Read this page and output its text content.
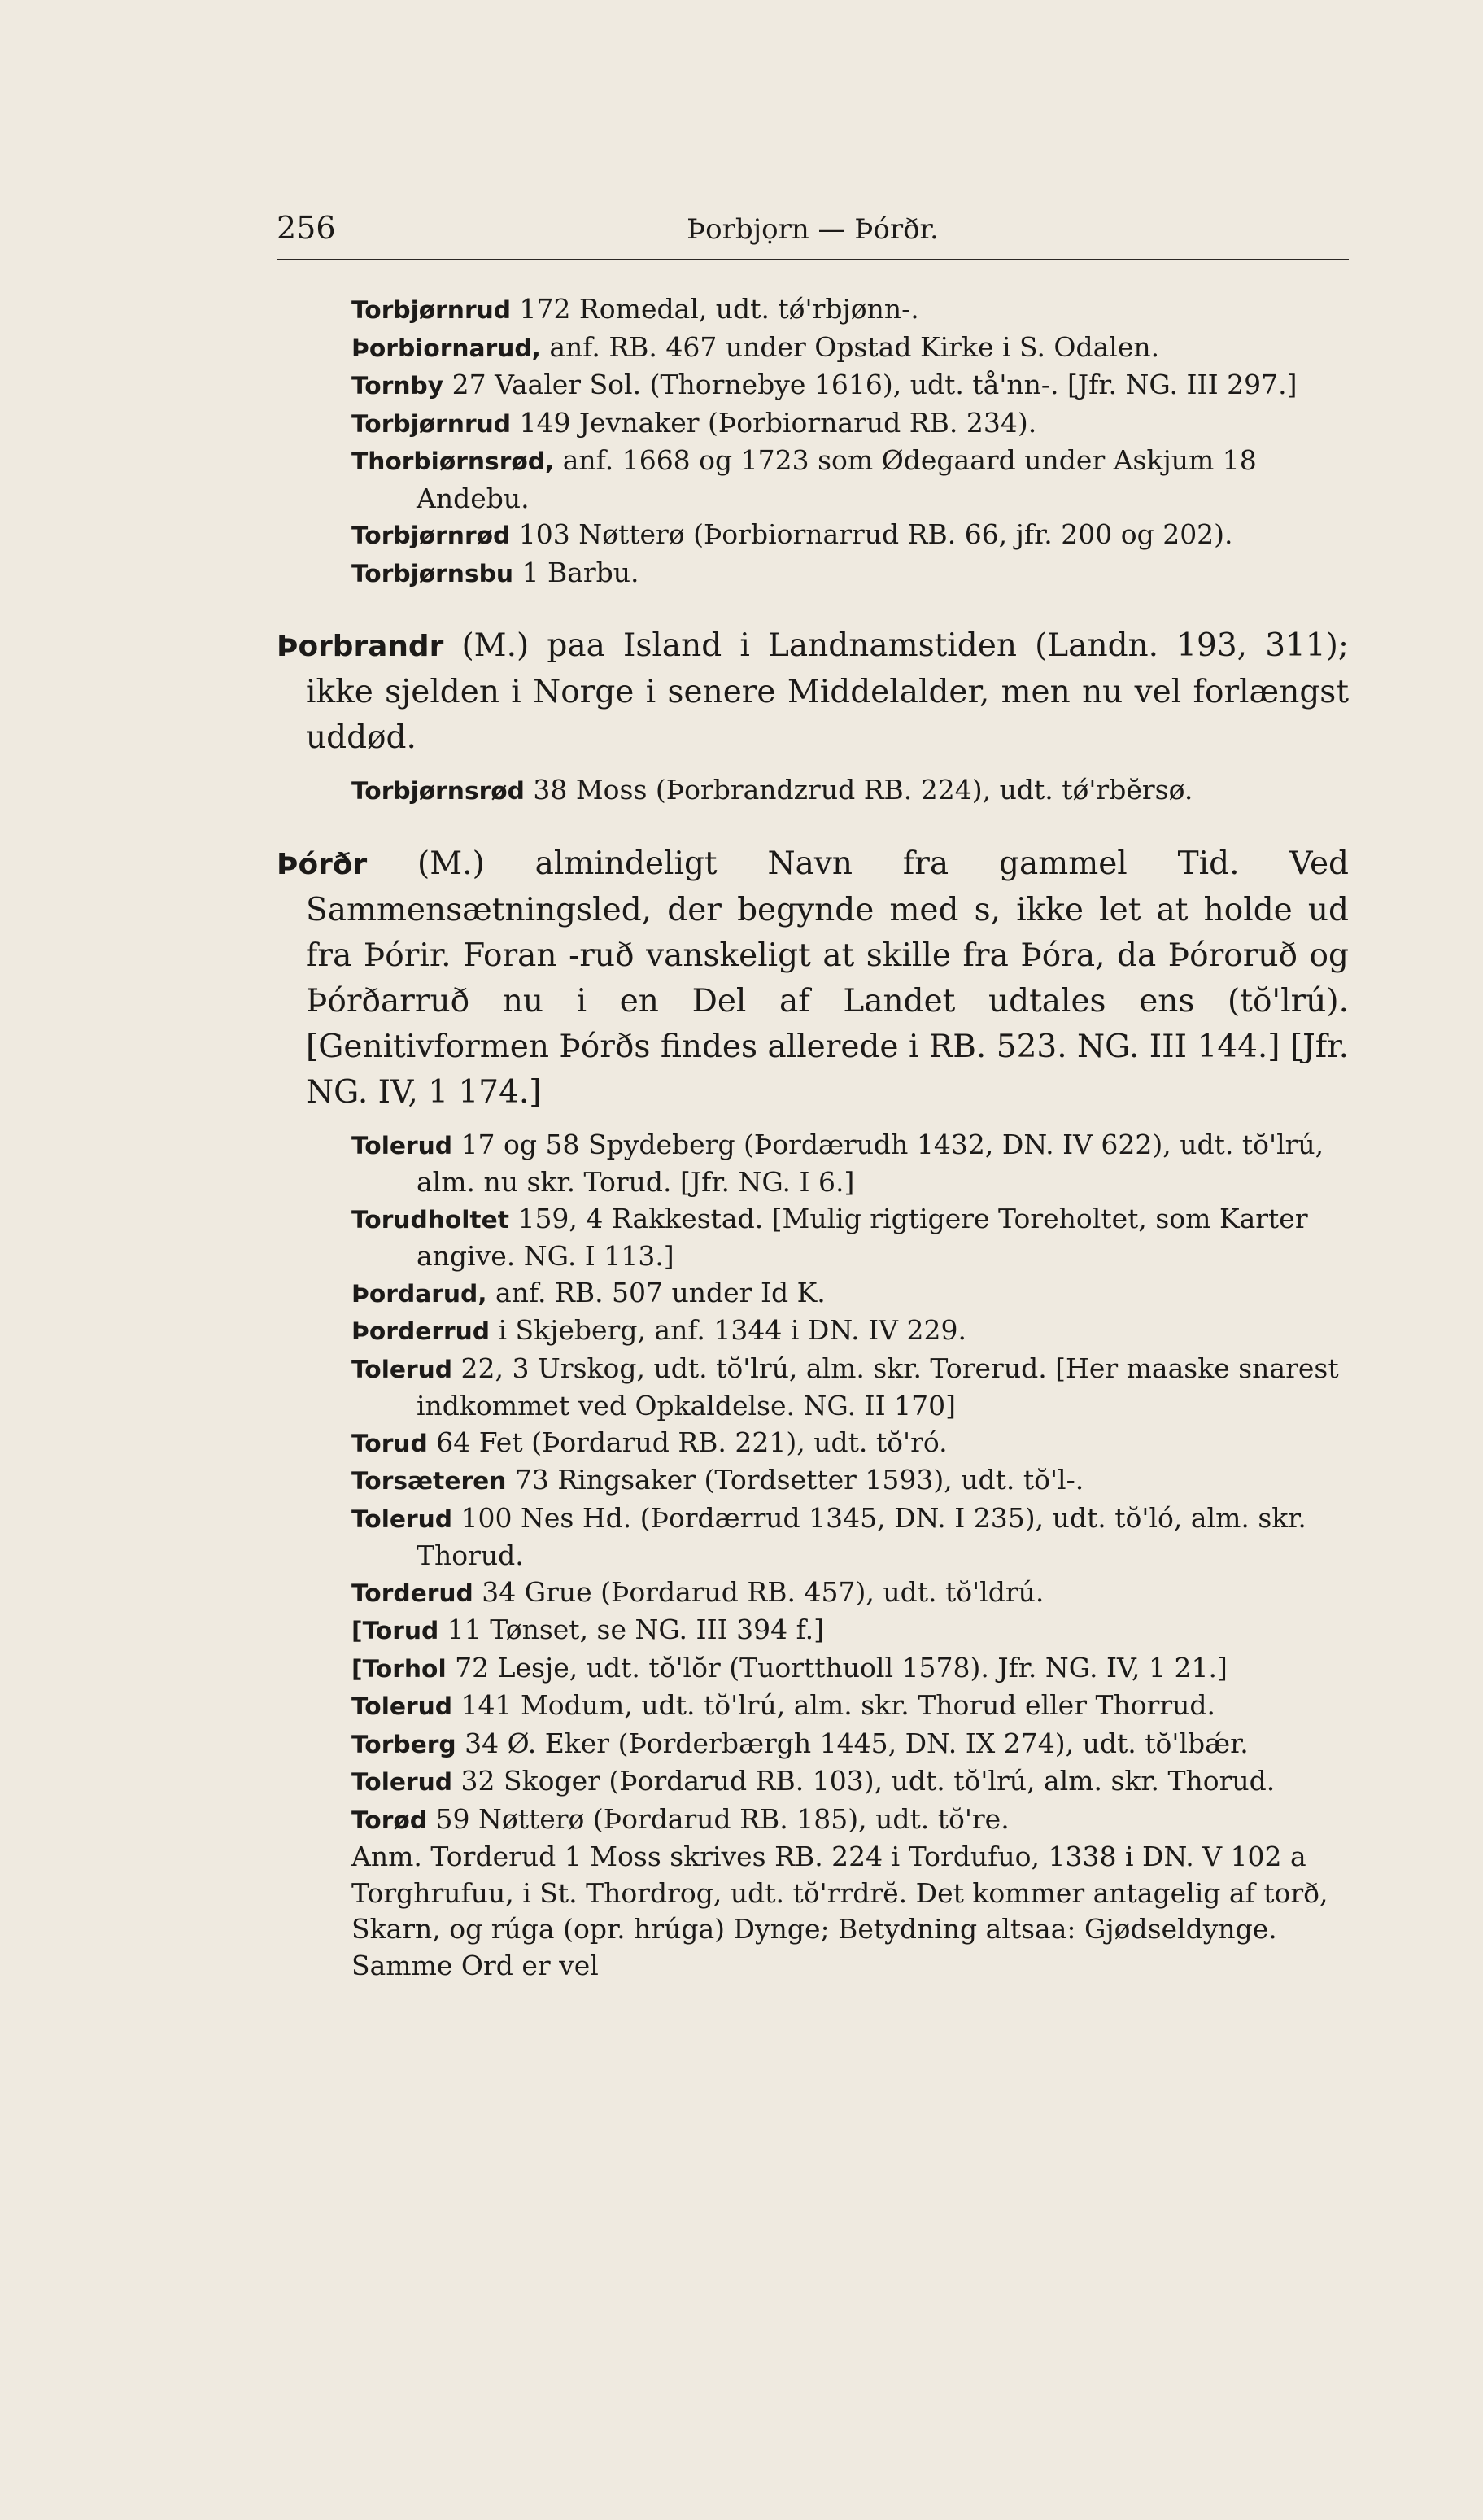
256	Þorbjọrn — Þórðr.

Torbjørnrud 172 Romedal, udt. tǿ'rbjønn-.

Þorbiornarud, anf. RB. 467 under Opstad Kirke i S. Odalen.

Tornby 27 Vaaler Sol. (Thornebye 1616), udt. tå'nn-. [Jfr. NG. III 297.]

Torbjørnrud 149 Jevnaker (Þorbiornarud RB. 234).

Thorbiørnsrød, anf. 1668 og 1723 som Ødegaard under Askjum 18 Andebu.

Torbjørnrød 103 Nøtterø (Þorbiornarrud RB. 66, jfr. 200 og 202).

Torbjørnsbu 1 Barbu.

Þorbrandr (M.) paa Island i Landnamstiden (Landn. 193, 311); ikke sjelden i Norge i senere Middelalder, men nu vel forlængst uddød.

Torbjørnsrød 38 Moss (Þorbrandzrud RB. 224), udt. tǿ'rbĕrsø.

Þórðr (M.) almindeligt Navn fra gammel Tid. Ved Sammensætningsled, der begynde med s, ikke let at holde ud fra Þórir. Foran -ruð vanskeligt at skille fra Þóra, da Þóroruð og Þórðarruð nu i en Del af Landet udtales ens (tŏ'lrú). [Genitivformen Þórðs findes allerede i RB. 523. NG. III 144.] [Jfr. NG. IV, 1 174.]

Tolerud 17 og 58 Spydeberg (Þordærudh 1432, DN. IV 622), udt. tŏ'lrú, alm. nu skr. Torud. [Jfr. NG. I 6.]

Torudholtet 159, 4 Rakkestad. [Mulig rigtigere Toreholtet, som Karter angive. NG. I 113.]

Þordarud, anf. RB. 507 under Id K.

Þorderrud i Skjeberg, anf. 1344 i DN. IV 229.

Tolerud 22, 3 Urskog, udt. tŏ'lrú, alm. skr. Torerud. [Her maaske snarest indkommet ved Opkaldelse. NG. II 170]

Torud 64 Fet (Þordarud RB. 221), udt. tŏ'ró.

Torsæteren 73 Ringsaker (Tordsetter 1593), udt. tŏ'l-.

Tolerud 100 Nes Hd. (Þordærrud 1345, DN. I 235), udt. tŏ'ló, alm. skr. Thorud.

Torderud 34 Grue (Þordarud RB. 457), udt. tŏ'ldrú.

[Torud 11 Tønset, se NG. III 394 f.]

[Torhol 72 Lesje, udt. tŏ'lŏr (Tuortthuoll 1578). Jfr. NG. IV, 1 21.]

Tolerud 141 Modum, udt. tŏ'lrú, alm. skr. Thorud eller Thorrud.

Torberg 34 Ø. Eker (Þorderbærgh 1445, DN. IX 274), udt. tŏ'lbǽr.

Tolerud 32 Skoger (Þordarud RB. 103), udt. tŏ'lrú, alm. skr. Thorud.

Torød 59 Nøtterø (Þordarud RB. 185), udt. tŏ're.

Anm. Torderud 1 Moss skrives RB. 224 i Tordufuo, 1338 i DN. V 102 a Torghrufuu, i St. Thordrog, udt. tŏ'rrdrĕ. Det kommer antagelig af torð, Skarn, og rúga (opr. hrúga) Dynge; Betydning altsaa: Gjødseldynge. Samme Ord er vel
